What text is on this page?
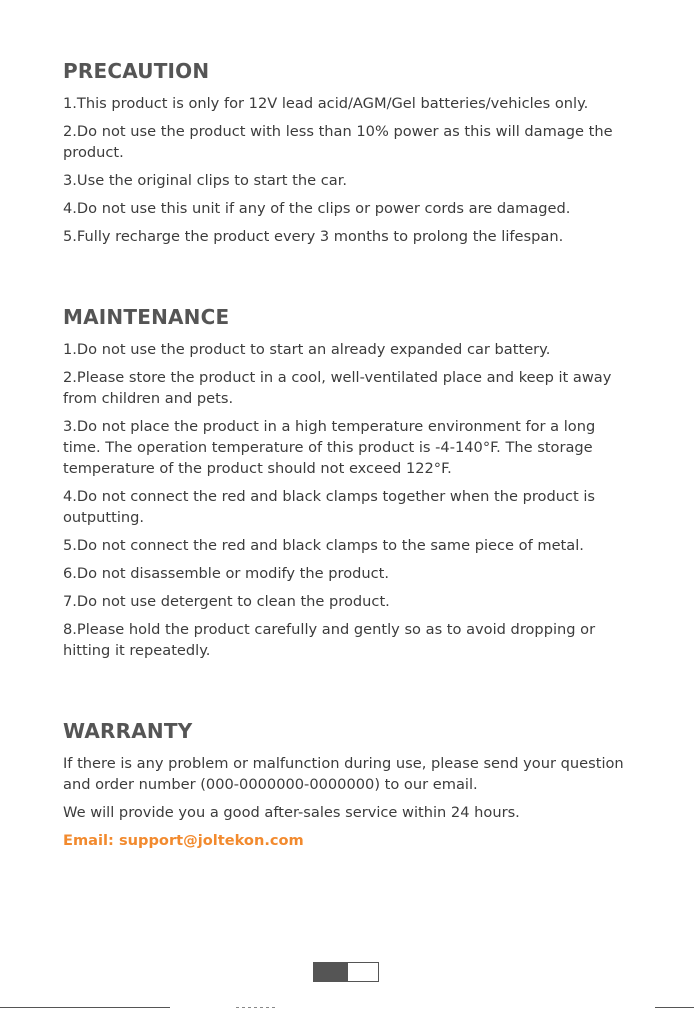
PRECAUTION
1.This product is only for 12V lead acid/AGM/Gel batteries/vehicles only.
2.Do not use the product with less than 10% power as this will damage the product.
3.Use the original clips to start the car.
4.Do not use this unit if any of the clips or power cords are damaged.
5.Fully recharge the product every 3 months to prolong the lifespan.
MAINTENANCE
1.Do not use the product to start an already expanded car battery.
2.Please store the product in a cool, well-ventilated place and keep it away from children and pets.
3.Do not place the product in a high temperature environment for a long time. The operation temperature of this product is -4-140°F. The storage temperature of the product should not exceed 122°F.
4.Do not connect the red and black clamps together when the product is outputting.
5.Do not connect the red and black clamps to the same piece of metal.
6.Do not disassemble or modify the product.
7.Do not use detergent to clean the product.
8.Please hold the product carefully and gently so as to avoid dropping or hitting it repeatedly.
WARRANTY

If there is any problem or malfunction during use, please send your question and order number (000-0000000-0000000) to our email.

We will provide you a good after-sales service within 24 hours.

Email: support@joltekon.com
